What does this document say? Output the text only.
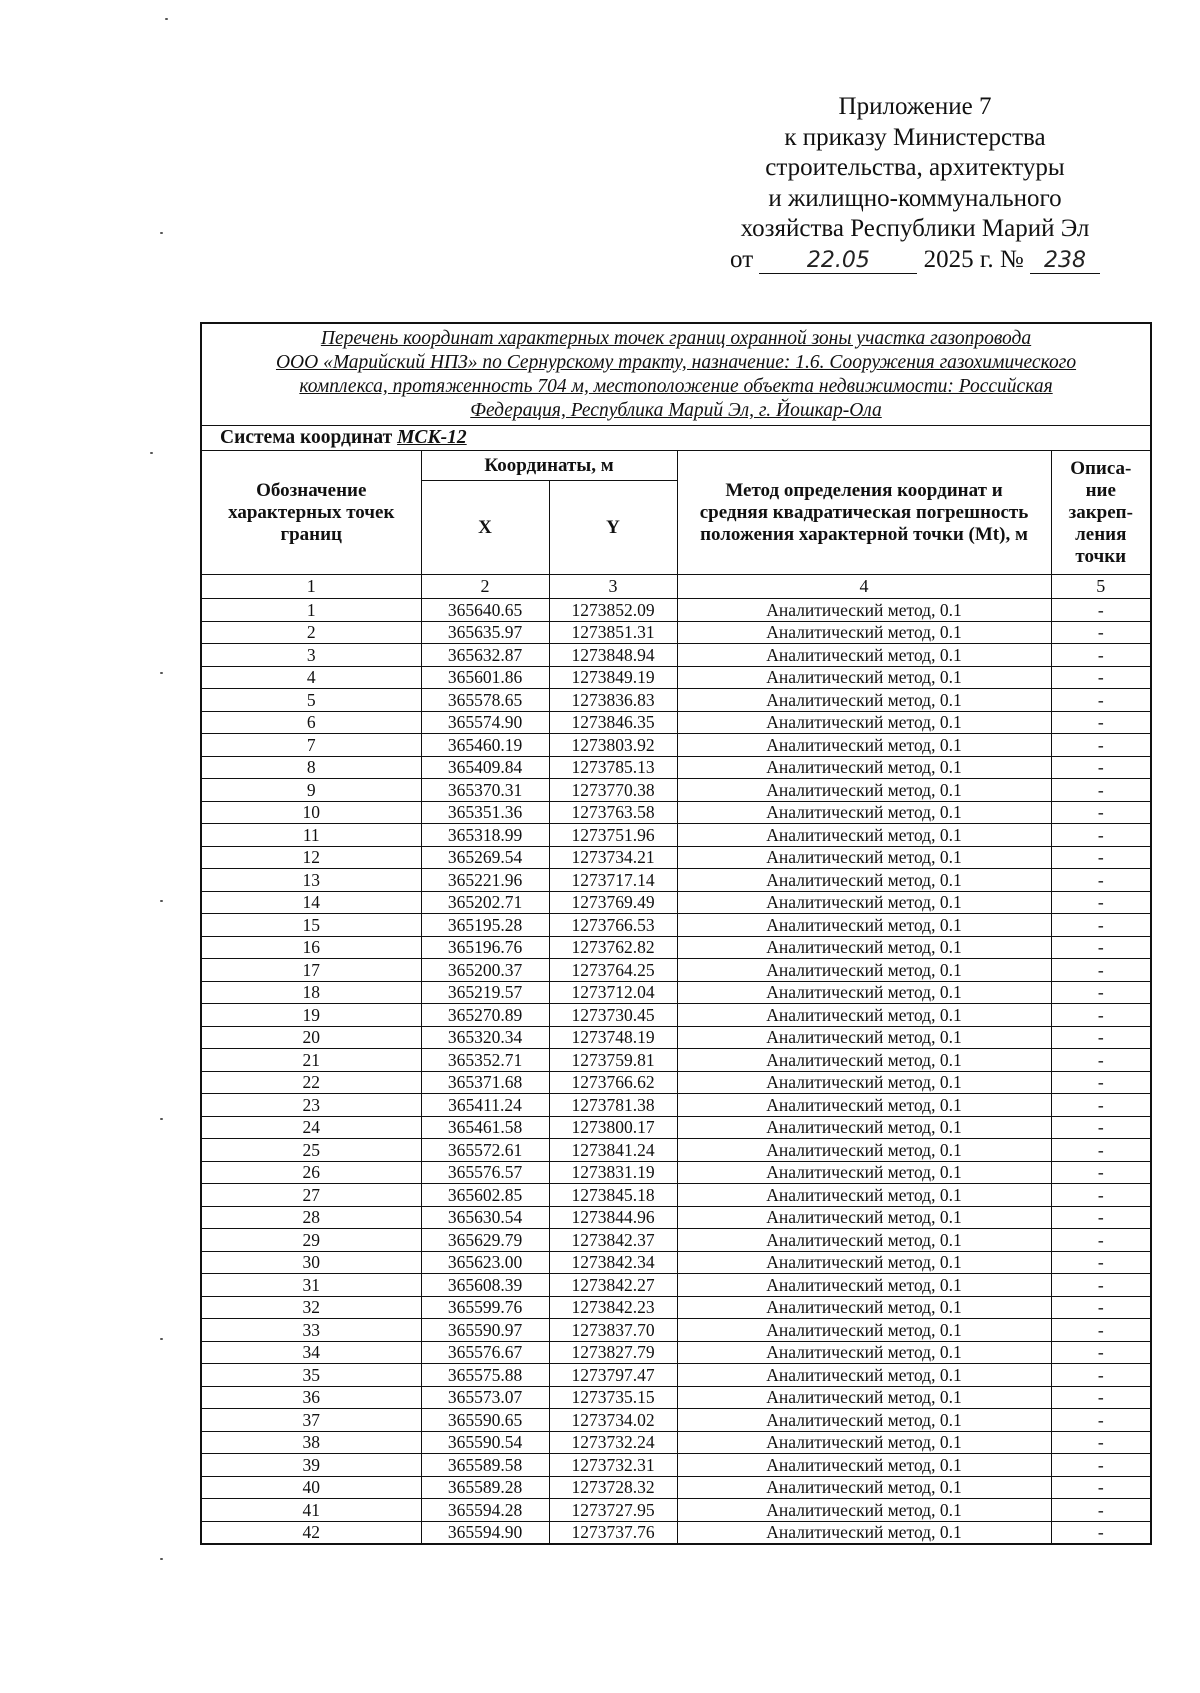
Приложение 7
к приказу Министерства
строительства, архитектуры
и жилищно-коммунального
хозяйства Республики Марий Эл
от 22.05 2025 г. № 238
Перечень координат характерных точек границ охранной зоны участка газопровода
ООО «Марийский НПЗ» по Сернурскому тракту, назначение: 1.6. Сооружения газохимического
комплекса, протяженность 704 м, местоположение объекта недвижимости: Российская
Федерация, Республика Марий Эл, г. Йошкар-Ола				

Система координат МСК-12				
Обозначение характерных точек границ	Координаты, м		Метод определения координат и средняя квадратическая погрешность положения характерной точки (Mt), м	Описа-ние закреп-ления точки
	X	Y		
1	2	3	4	5
1	365640.65	1273852.09	Аналитический метод, 0.1	-
2	365635.97	1273851.31	Аналитический метод, 0.1	-
3	365632.87	1273848.94	Аналитический метод, 0.1	-
4	365601.86	1273849.19	Аналитический метод, 0.1	-
5	365578.65	1273836.83	Аналитический метод, 0.1	-
6	365574.90	1273846.35	Аналитический метод, 0.1	-
7	365460.19	1273803.92	Аналитический метод, 0.1	-
8	365409.84	1273785.13	Аналитический метод, 0.1	-
9	365370.31	1273770.38	Аналитический метод, 0.1	-
10	365351.36	1273763.58	Аналитический метод, 0.1	-
11	365318.99	1273751.96	Аналитический метод, 0.1	-
12	365269.54	1273734.21	Аналитический метод, 0.1	-
13	365221.96	1273717.14	Аналитический метод, 0.1	-
14	365202.71	1273769.49	Аналитический метод, 0.1	-
15	365195.28	1273766.53	Аналитический метод, 0.1	-
16	365196.76	1273762.82	Аналитический метод, 0.1	-
17	365200.37	1273764.25	Аналитический метод, 0.1	-
18	365219.57	1273712.04	Аналитический метод, 0.1	-
19	365270.89	1273730.45	Аналитический метод, 0.1	-
20	365320.34	1273748.19	Аналитический метод, 0.1	-
21	365352.71	1273759.81	Аналитический метод, 0.1	-
22	365371.68	1273766.62	Аналитический метод, 0.1	-
23	365411.24	1273781.38	Аналитический метод, 0.1	-
24	365461.58	1273800.17	Аналитический метод, 0.1	-
25	365572.61	1273841.24	Аналитический метод, 0.1	-
26	365576.57	1273831.19	Аналитический метод, 0.1	-
27	365602.85	1273845.18	Аналитический метод, 0.1	-
28	365630.54	1273844.96	Аналитический метод, 0.1	-
29	365629.79	1273842.37	Аналитический метод, 0.1	-
30	365623.00	1273842.34	Аналитический метод, 0.1	-
31	365608.39	1273842.27	Аналитический метод, 0.1	-
32	365599.76	1273842.23	Аналитический метод, 0.1	-
33	365590.97	1273837.70	Аналитический метод, 0.1	-
34	365576.67	1273827.79	Аналитический метод, 0.1	-
35	365575.88	1273797.47	Аналитический метод, 0.1	-
36	365573.07	1273735.15	Аналитический метод, 0.1	-
37	365590.65	1273734.02	Аналитический метод, 0.1	-
38	365590.54	1273732.24	Аналитический метод, 0.1	-
39	365589.58	1273732.31	Аналитический метод, 0.1	-
40	365589.28	1273728.32	Аналитический метод, 0.1	-
41	365594.28	1273727.95	Аналитический метод, 0.1	-
42	365594.90	1273737.76	Аналитический метод, 0.1	-
